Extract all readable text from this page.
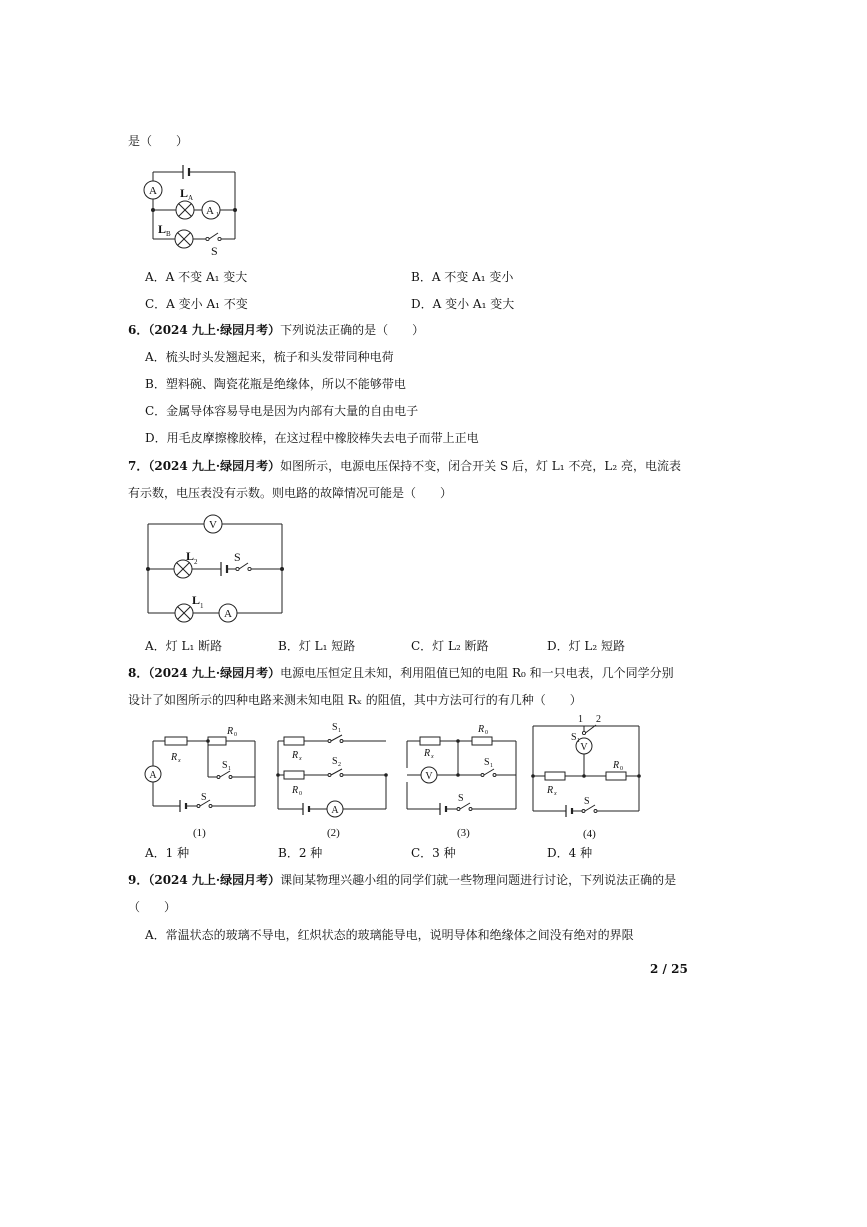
是（　　）
A
A 1
L A
L B
S
A．A 不变 A₁ 变大	B．A 不变 A₁ 变小
C．A 变小 A₁ 不变	D．A 变小 A₁ 变大
6．（2024 九上·绿园月考）下列说法正确的是（　　）
A．梳头时头发翘起来，梳子和头发带同种电荷
B．塑料碗、陶瓷花瓶是绝缘体，所以不能够带电
C．金属导体容易导电是因为内部有大量的自由电子
D．用毛皮摩擦橡胶棒，在这过程中橡胶棒失去电子而带上正电
7．（2024 九上·绿园月考）如图所示，电源电压保持不变，闭合开关 S 后，灯 L₁ 不亮，L₂ 亮，电流表
有示数，电压表没有示数。则电路的故障情况可能是（　　）
V
A
L 2	S
L 1
A．灯 L₁ 断路	B．灯 L₁ 短路	C．灯 L₂ 断路	D．灯 L₂ 短路
8．（2024 九上·绿园月考）电源电压恒定且未知，利用阻值已知的电阻 R₀ 和一只电表，几个同学分别
设计了如图所示的四种电路来测未知电阻 Rₓ 的阻值，其中方法可行的有几种（　　）
A
R x
R 0
S 1
S
(1)
A
R x
R 0
S 1
S 2
(2)
V
R x
R 0
S 1
S
(3)
V
1 2
S 1
R 0
R x
S
(4)
A．1 种	B．2 种	C．3 种	D．4 种
9．（2024 九上·绿园月考）课间某物理兴趣小组的同学们就一些物理问题进行讨论，下列说法正确的是
（　　）
A．常温状态的玻璃不导电，红炽状态的玻璃能导电，说明导体和绝缘体之间没有绝对的界限
2 / 25
